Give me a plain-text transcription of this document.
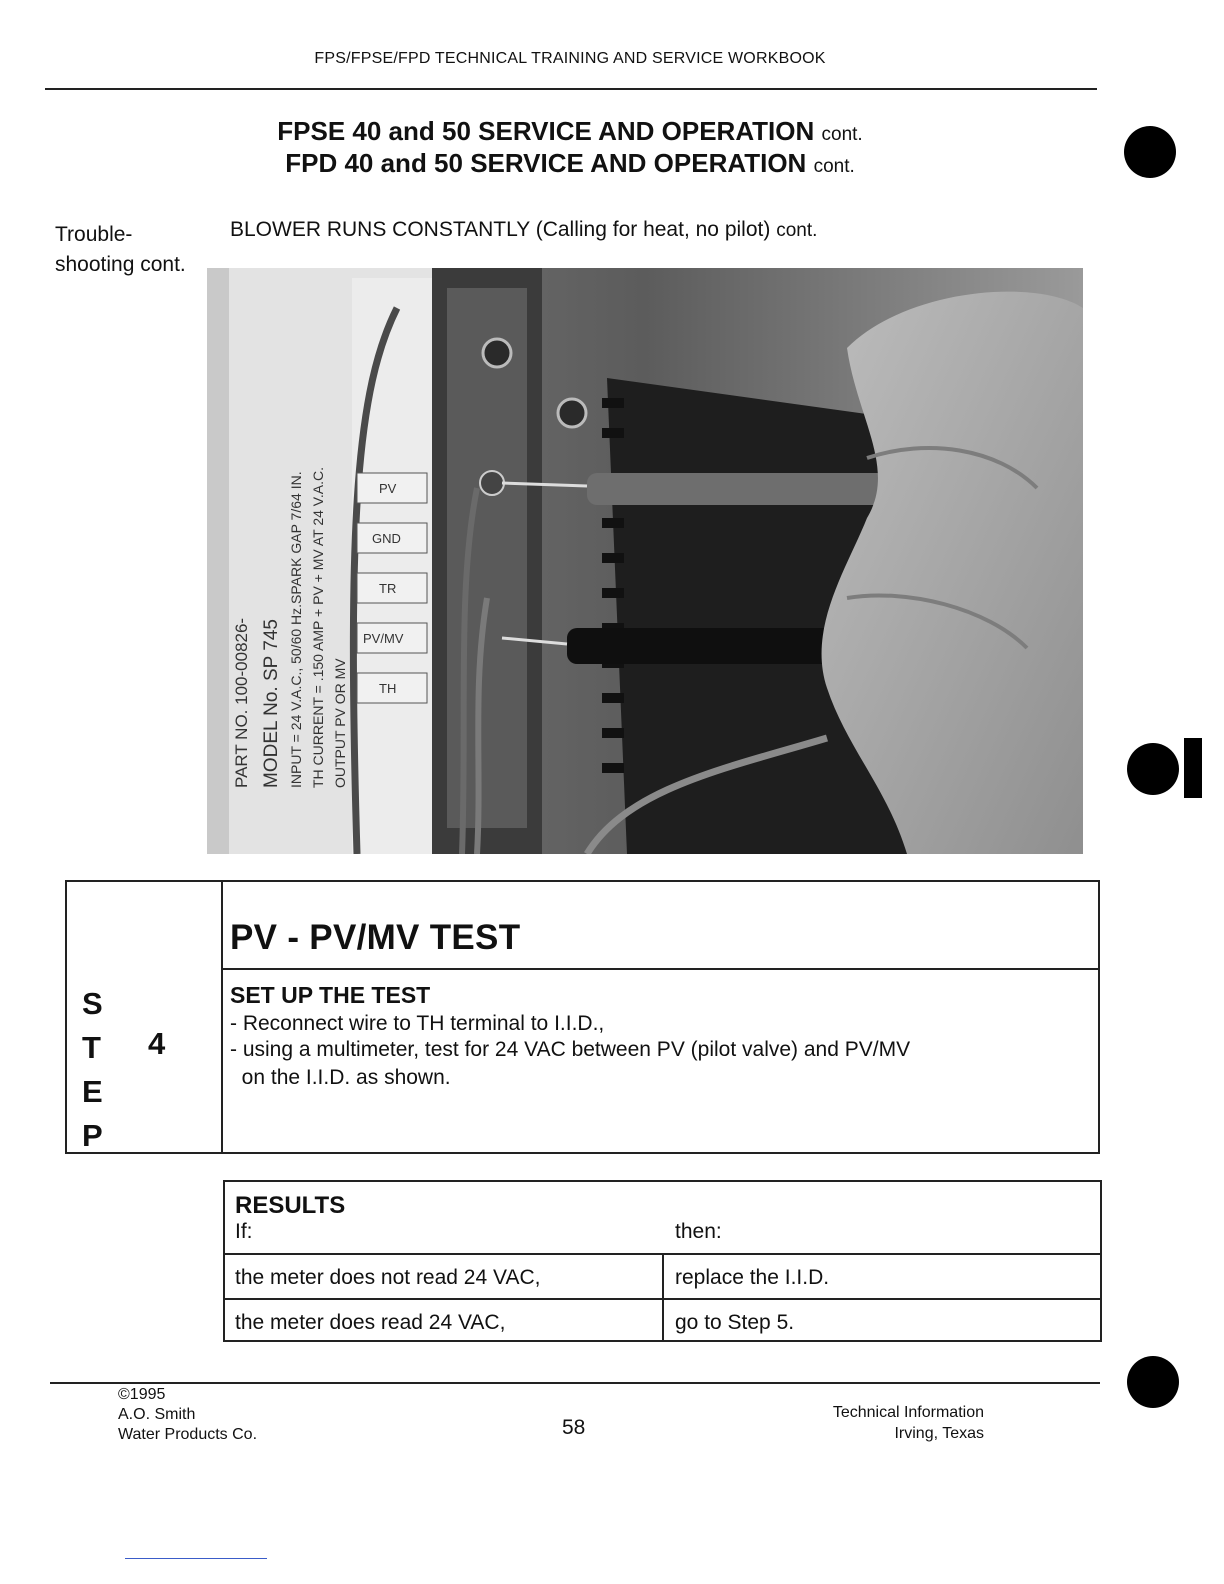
FPS/FPSE/FPD TECHNICAL TRAINING AND SERVICE WORKBOOK
FPSE 40 and 50 SERVICE AND OPERATION cont.
FPD 40 and 50 SERVICE AND OPERATION cont.
Trouble-
shooting cont.
BLOWER RUNS CONSTANTLY (Calling for heat, no pilot) cont.
PART NO. 100-00826- MODEL No. SP 745 INPUT = 24 V.A.C., 50/60 Hz.SPARK GAP 7/64 IN. TH CURRENT = .150 AMP + PV + MV AT 24 V.A.C. OUTPUT PV OR MV
PV
GND
TR
PV/MV
TH
S
T
E
P
4
PV - PV/MV TEST
SET UP THE TEST
- Reconnect wire to TH terminal to I.I.D.,
- using a multimeter, test for 24 VAC between PV (pilot valve) and PV/MV
on the I.I.D. as shown.
RESULTS
If:	then:
the meter does not read 24 VAC,	replace the I.I.D.
the meter does read 24 VAC,	go to Step 5.
©1995
A.O. Smith
Water Products Co.	58
Technical Information
Irving, Texas
